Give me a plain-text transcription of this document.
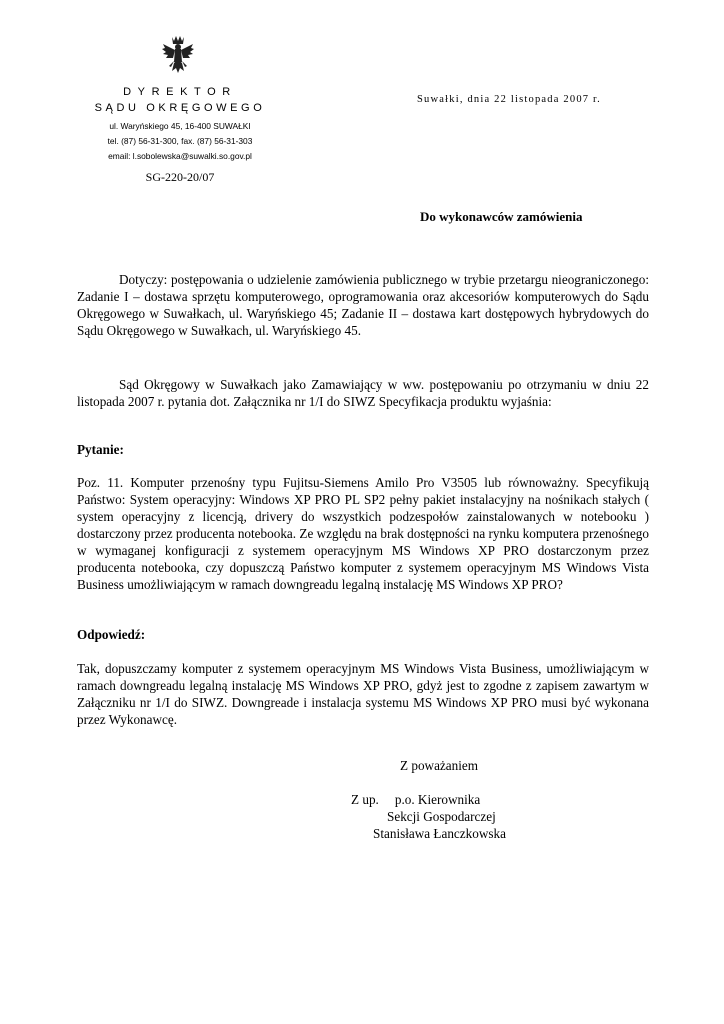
DYREKTOR
SĄDU OKRĘGOWEGO
ul. Waryńskiego 45, 16-400 SUWAŁKI
tel. (87) 56-31-300, fax. (87) 56-31-303
email: l.sobolewska@suwalki.so.gov.pl
SG-220-20/07
Suwałki, dnia 22 listopada 2007 r.
Do wykonawców zamówienia

Dotyczy: postępowania o udzielenie zamówienia publicznego w trybie przetargu nieograniczonego: Zadanie I – dostawa sprzętu komputerowego, oprogramowania oraz akcesoriów komputerowych do Sądu Okręgowego w Suwałkach, ul. Waryńskiego 45; Zadanie II – dostawa kart dostępowych hybrydowych do Sądu Okręgowego w Suwałkach, ul. Waryńskiego 45.

Sąd Okręgowy w Suwałkach jako Zamawiający w ww. postępowaniu po otrzymaniu w dniu 22 listopada 2007 r. pytania dot. Załącznika nr 1/I do SIWZ Specyfikacja produktu wyjaśnia:

Pytanie:

Poz. 11. Komputer przenośny typu Fujitsu-Siemens Amilo Pro V3505 lub równoważny. Specyfikują Państwo: System operacyjny: Windows XP PRO PL SP2 pełny pakiet instalacyjny na nośnikach stałych ( system operacyjny z licencją, drivery do wszystkich podzespołów zainstalowanych w notebooku ) dostarczony przez producenta notebooka. Ze względu na brak dostępności na rynku komputera przenośnego w wymaganej konfiguracji z systemem operacyjnym MS Windows XP PRO dostarczonym przez producenta notebooka, czy dopuszczą Państwo komputer z systemem operacyjnym MS Windows Vista Business umożliwiającym w ramach downgreadu legalną instalację MS Windows XP PRO?

Odpowiedź:

Tak, dopuszczamy komputer z systemem operacyjnym MS Windows Vista Business, umożliwiającym w ramach downgreadu legalną instalację MS Windows XP PRO, gdyż jest to zgodne z zapisem zawartym w Załączniku nr 1/I do SIWZ. Downgreade i instalacja systemu MS Windows XP PRO musi być wykonana przez Wykonawcę.

Z poważaniem
Z up. p.o. Kierownika
Sekcji Gospodarczej
Stanisława Łanczkowska
